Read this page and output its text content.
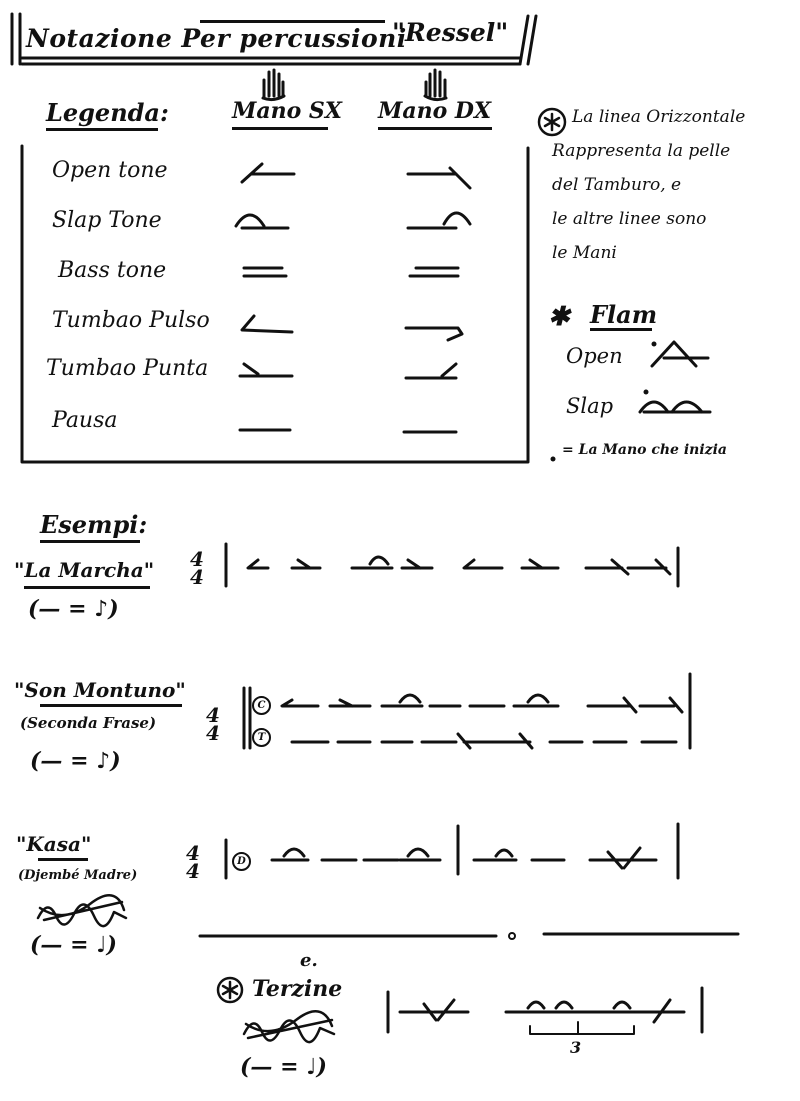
Notazione Per percussioni
"Ressel"
Legenda:	Mano SX Mano DX
Open tone
Slap Tone
Bass tone
Tumbao Pulso
Tumbao Punta
Pausa
La linea Orizzontale
Rappresenta la pelle
del Tamburo, e
le altre linee sono
le Mani
✱ Flam
Open
Slap
= La Mano che inizia
Esempi:
"La Marcha"
(— = ♪)
4
4
"Son Montuno"
(Seconda Frase)
(— = ♪)
4
4
C
T
"Kasa"
(Djembé Madre)
(— = ♩)
4
4	D
e.
Terzine
(— = ♩)
3
